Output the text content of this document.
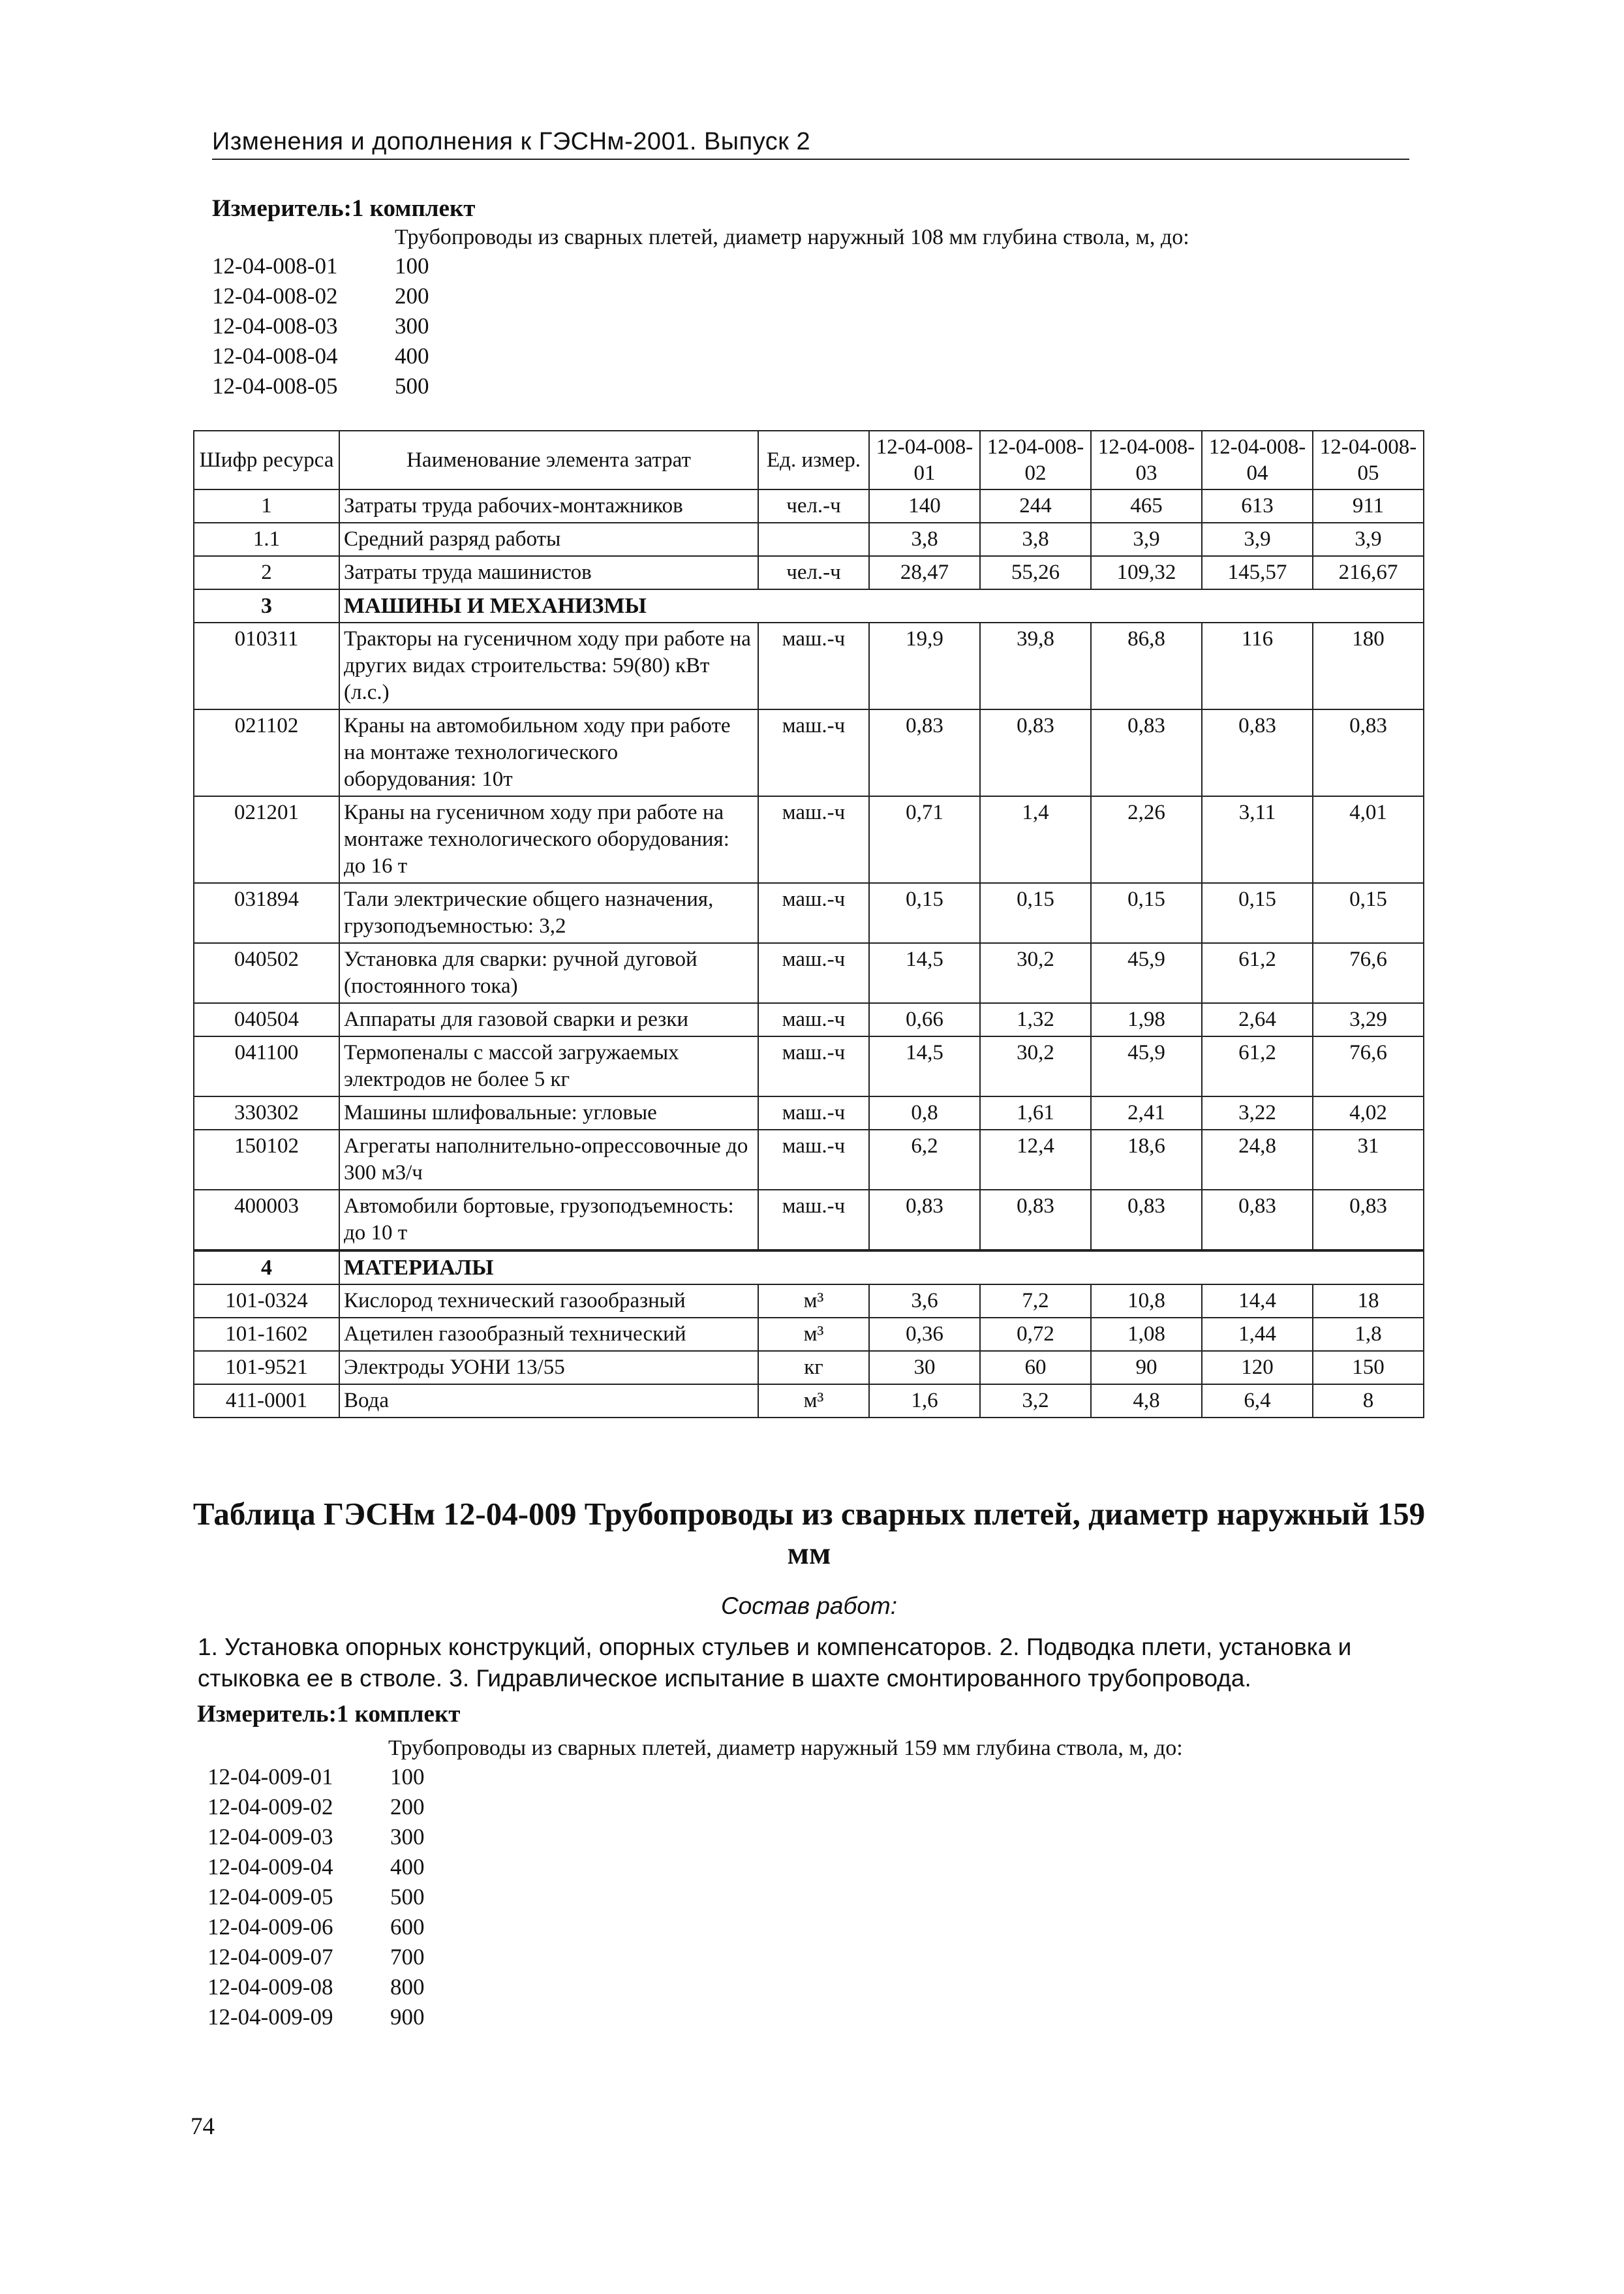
Изменения и дополнения к ГЭСНм-2001. Выпуск 2
Измеритель:1 комплект
Трубопроводы из сварных плетей, диаметр наружный 108 мм глубина ствола, м, до:
12-04-008-01	100
12-04-008-02	200
12-04-008-03	300
12-04-008-04	400
12-04-008-05	500
Шифр ресурса	Наименование элемента затрат	Ед. измер.	12-04-008-01	12-04-008-02	12-04-008-03	12-04-008-04	12-04-008-05
1	Затраты труда рабочих-монтажников	чел.-ч	140	244	465	613	911
1.1	Средний разряд работы		3,8	3,8	3,9	3,9	3,9
2	Затраты труда машинистов	чел.-ч	28,47	55,26	109,32	145,57	216,67
3	МАШИНЫ И МЕХАНИЗМЫ						
010311	Тракторы на гусеничном ходу при работе на других видах строительства: 59(80) кВт (л.с.)	маш.-ч	19,9	39,8	86,8	116	180
021102	Краны на автомобильном ходу при работе на монтаже технологического оборудования: 10т	маш.-ч	0,83	0,83	0,83	0,83	0,83
021201	Краны на гусеничном ходу при работе на монтаже технологического оборудования: до 16 т	маш.-ч	0,71	1,4	2,26	3,11	4,01
031894	Тали электрические общего назначения, грузоподъемностью: 3,2	маш.-ч	0,15	0,15	0,15	0,15	0,15
040502	Установка для сварки: ручной дуговой (постоянного тока)	маш.-ч	14,5	30,2	45,9	61,2	76,6
040504	Аппараты для газовой сварки и резки	маш.-ч	0,66	1,32	1,98	2,64	3,29
041100	Термопеналы с массой загружаемых электродов не более 5 кг	маш.-ч	14,5	30,2	45,9	61,2	76,6
330302	Машины шлифовальные: угловые	маш.-ч	0,8	1,61	2,41	3,22	4,02
150102	Агрегаты наполнительно-опрессовочные до 300 м3/ч	маш.-ч	6,2	12,4	18,6	24,8	31
400003	Автомобили бортовые, грузоподъемность: до 10 т	маш.-ч	0,83	0,83	0,83	0,83	0,83
4	МАТЕРИАЛЫ						
101-0324	Кислород технический газообразный	м³	3,6	7,2	10,8	14,4	18
101-1602	Ацетилен газообразный технический	м³	0,36	0,72	1,08	1,44	1,8
101-9521	Электроды УОНИ 13/55	кг	30	60	90	120	150
411-0001	Вода	м³	1,6	3,2	4,8	6,4	8
Таблица ГЭСНм 12-04-009 Трубопроводы из сварных плетей, диаметр наружный 159 мм
Состав работ:
1. Установка опорных конструкций, опорных стульев и компенсаторов. 2. Подводка плети, установка и стыковка ее в стволе. 3. Гидравлическое испытание в шахте смонтированного трубопровода.
Измеритель:1 комплект
Трубопроводы из сварных плетей, диаметр наружный 159 мм глубина ствола, м, до:
12-04-009-01	100
12-04-009-02	200
12-04-009-03	300
12-04-009-04	400
12-04-009-05	500
12-04-009-06	600
12-04-009-07	700
12-04-009-08	800
12-04-009-09	900
74
